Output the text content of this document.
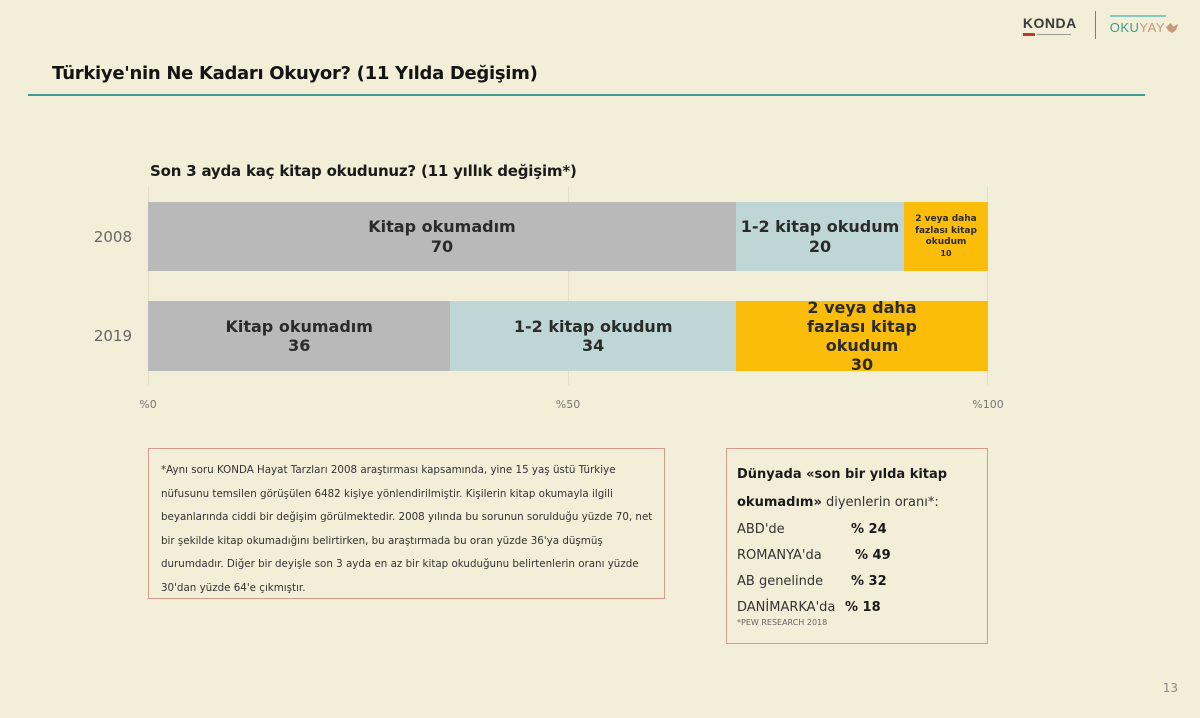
KONDA	OKUYAY
Türkiye'nin Ne Kadarı Okuyor? (11 Yılda Değişim)
Son 3 ayda kaç kitap okudunuz? (11 yıllık değişim*)
2008
2019
Kitap okumadım
70
1-2 kitap okudum
20
2 veya daha fazlası kitap okudum
10
Kitap okumadım
36
1-2 kitap okudum
34
2 veya daha fazlası kitap okudum
30
%0	%50	%100

*Aynı soru KONDA Hayat Tarzları 2008 araştırması kapsamında, yine 15 yaş üstü Türkiye nüfusunu temsilen görüşülen 6482 kişiye yönlendirilmiştir. Kişilerin kitap okumayla ilgili beyanlarında ciddi bir değişim görülmektedir. 2008 yılında bu sorunun sorulduğu yüzde 70, net bir şekilde kitap okumadığını belirtirken, bu araştırmada bu oran yüzde 36'ya düşmüş durumdadır. Diğer bir deyişle son 3 ayda en az bir kitap okuduğunu belirtenlerin oranı yüzde 30'dan yüzde 64'e çıkmıştır.

Dünyada «son bir yılda kitap okumadım» diyenlerin oranı*:
ABD'de	% 24
ROMANYA'da	% 49
AB genelinde	% 32
DANİMARKA'da % 18
*PEW RESEARCH 2018
13
